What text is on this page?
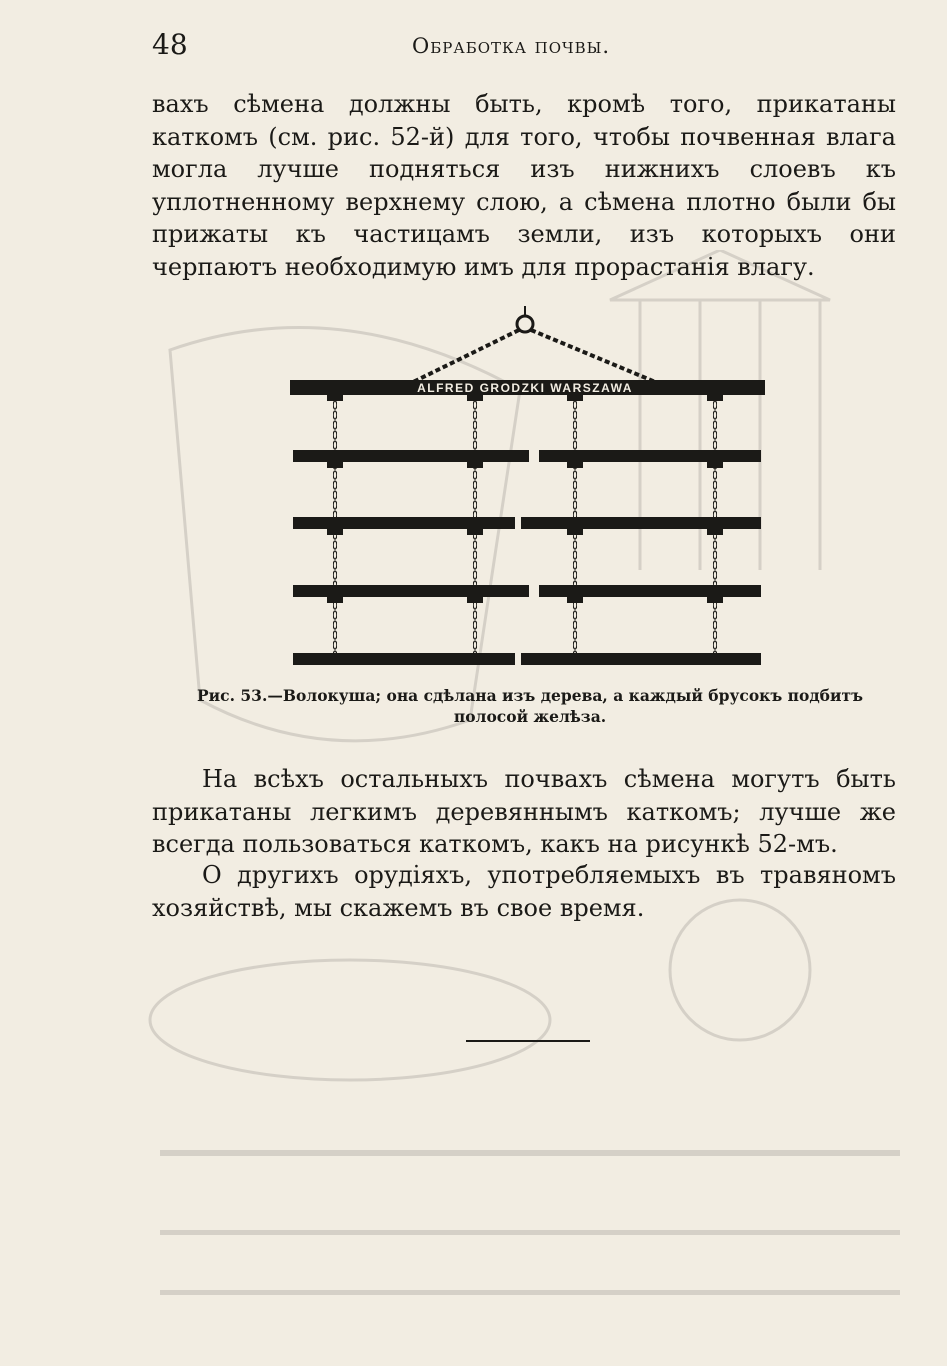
48	Обработка почвы.

вахъ сѣмена должны быть, кромѣ того, прикатаны каткомъ (см. рис. 52-й) для того, чтобы почвенная влага могла лучше подняться изъ нижнихъ слоевъ къ уплотненному верхнему слою, а сѣмена плотно были бы прижаты къ частицамъ земли, изъ которыхъ они черпаютъ необходимую имъ для прорастанія влагу.

ALFRED GRODZKI WARSZAWA
Рис. 53.—Волокуша; она сдѣлана изъ дерева, а каждый брусокъ подбитъ полосой желѣза.

На всѣхъ остальныхъ почвахъ сѣмена могутъ быть прикатаны легкимъ деревяннымъ каткомъ; лучше же всегда пользоваться каткомъ, какъ на рисункѣ 52-мъ.

О другихъ орудіяхъ, употребляемыхъ въ травяномъ хозяйствѣ, мы скажемъ въ свое время.
